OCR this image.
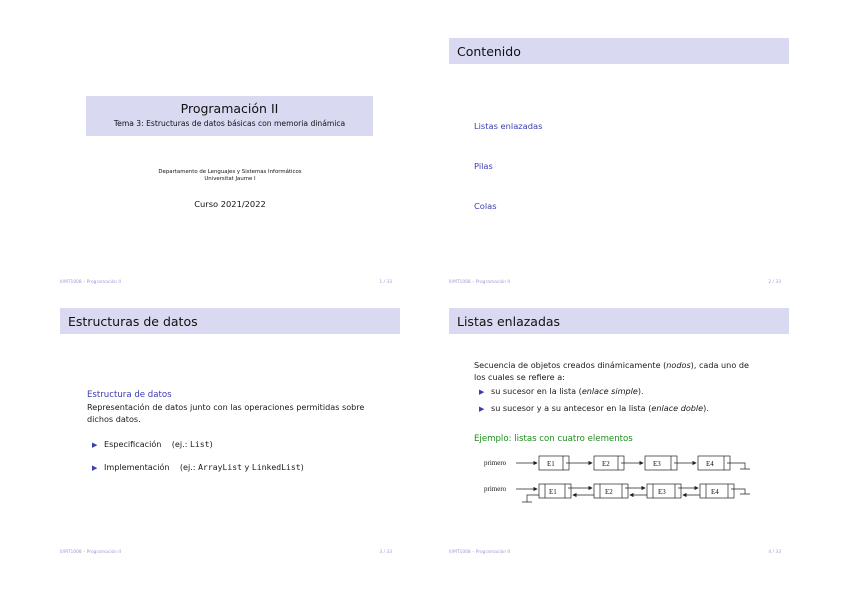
Programación II
Tema 3: Estructuras de datos básicas con memoria dinámica
Departamento de Lenguajes y Sistemas Informáticos
Universitat Jaume I
Curso 2021/2022
II/MT1008 – Programación II	1 / 33
Contenido
Listas enlazadas
Pilas
Colas
II/MT1008 – Programación II	2 / 33
Estructuras de datos
Estructura de datos
Representación de datos junto con las operaciones permitidas sobre
dichos datos.
▶ Especificación (ej.: List)
▶ Implementación (ej.: ArrayList y LinkedList)
II/MT1008 – Programación II	3 / 33
Listas enlazadas
Secuencia de objetos creados dinámicamente (nodos), cada uno de
los cuales se refiere a:
▶ su sucesor en la lista (enlace simple).
▶ su sucesor y a su antecesor en la lista (enlace doble).
Ejemplo: listas con cuatro elementos
primero	E1	E2	E3	E4
primero	E1	E2	E3	E4
II/MT1008 – Programación II	4 / 33
